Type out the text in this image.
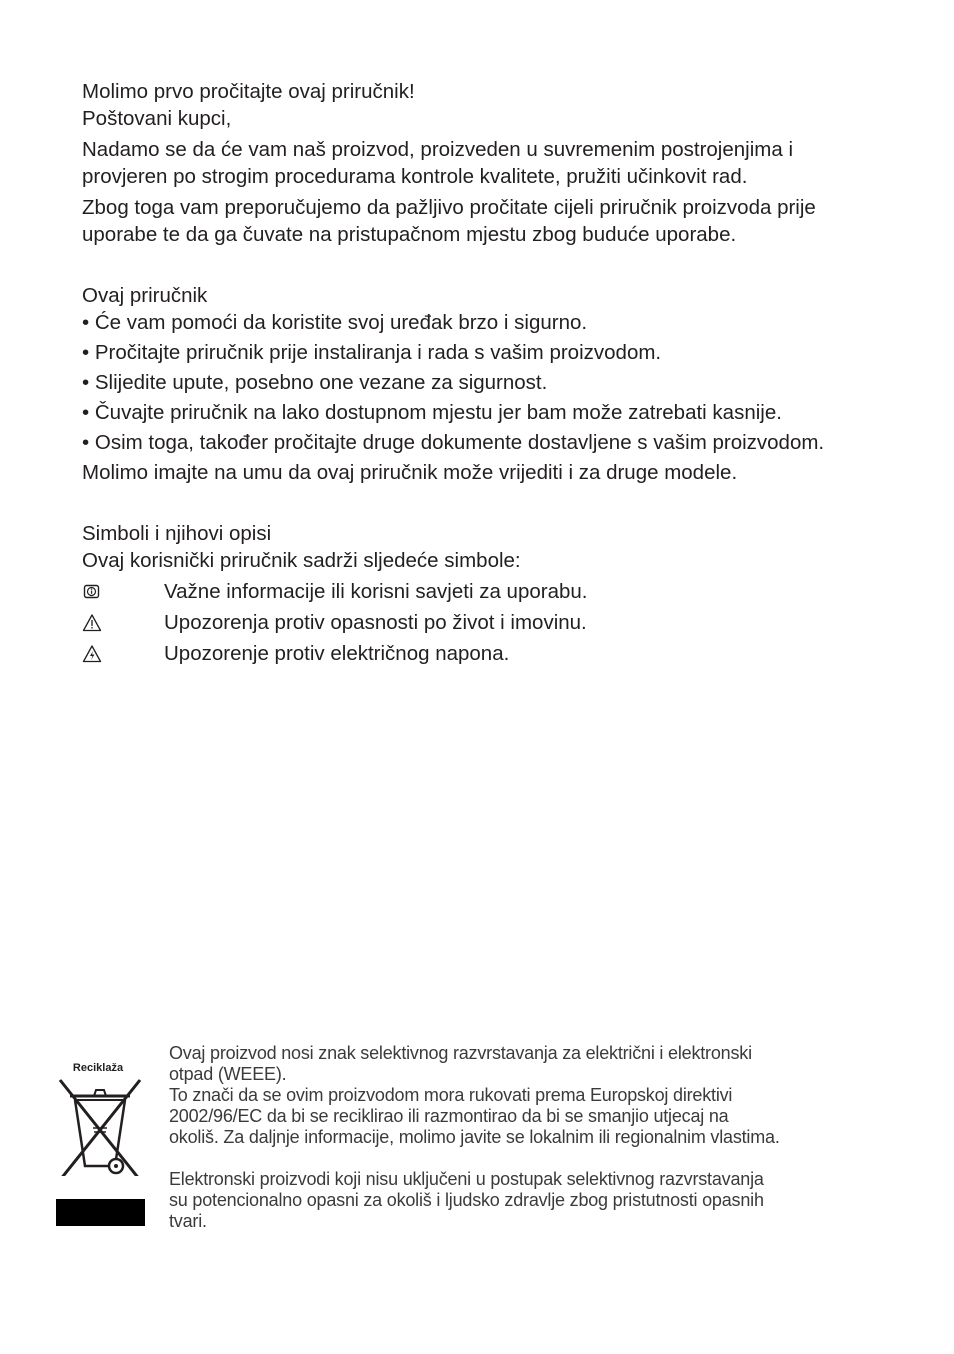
Molimo prvo pročitajte ovaj priručnik!

Poštovani kupci,

Nadamo se da će vam naš proizvod, proizveden u suvremenim postrojenjima i provjeren po strogim procedurama kontrole kvalitete, pružiti učinkovit rad.

Zbog toga vam preporučujemo da pažljivo pročitate cijeli priručnik proizvoda prije uporabe te da ga čuvate na pristupačnom mjestu zbog buduće uporabe.

Ovaj priručnik

• Će vam pomoći da koristite svoj uređak brzo i sigurno.

• Pročitajte priručnik prije instaliranja i rada s vašim proizvodom.

• Slijedite upute, posebno one vezane za sigurnost.

• Čuvajte priručnik na lako dostupnom mjestu jer bam može zatrebati kasnije.

• Osim toga, također pročitajte druge dokumente dostavljene s vašim proizvodom.

Molimo imajte na umu da ovaj priručnik može vrijediti i za druge modele.

Simboli i njihovi opisi

Ovaj korisnički priručnik sadrži sljedeće simbole:

Važne informacije ili korisni savjeti za uporabu.
Upozorenja protiv opasnosti po život i imovinu.
Upozorenje protiv električnog napona.
Reciklaža

Ovaj proizvod nosi znak selektivnog razvrstavanja za električni i elektronski

otpad (WEEE).

To znači da se ovim proizvodom mora rukovati prema Europskoj direktivi

2002/96/EC da bi se reciklirao ili razmontirao da bi se smanjio utjecaj na

okoliš. Za daljnje informacije, molimo javite se lokalnim ili regionalnim vlastima.

Elektronski proizvodi koji nisu uključeni u postupak selektivnog razvrstavanja

su potencionalno opasni za okoliš i ljudsko zdravlje zbog pristutnosti opasnih

tvari.
